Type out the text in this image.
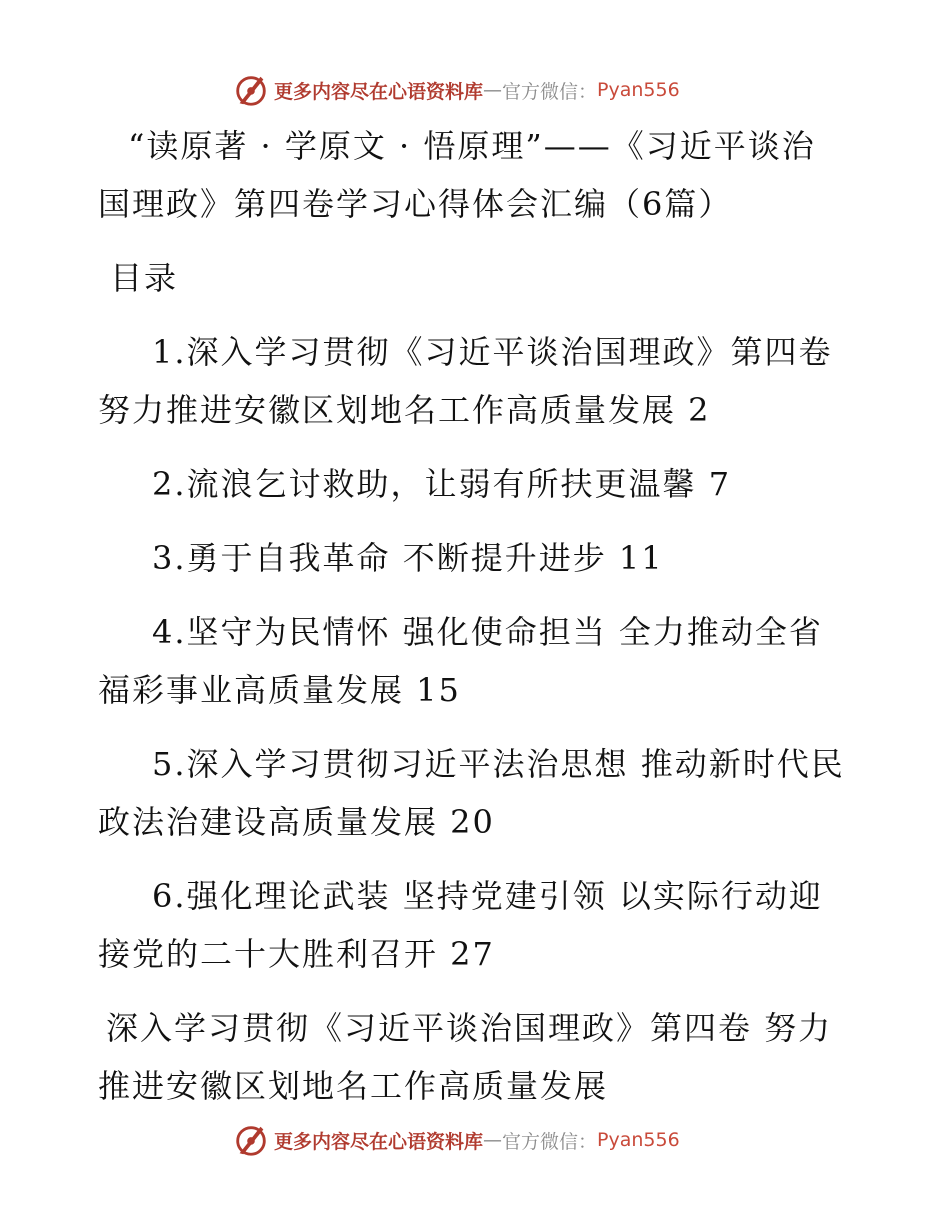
更多内容尽在心语资料库 — 官方微信： Pyan556

“读原著 · 学原文 · 悟原理”——《习近平谈治

国理政》第四卷学习心得体会汇编（6篇）

目录

1.深入学习贯彻《习近平谈治国理政》第四卷

努力推进安徽区划地名工作高质量发展 2

2.流浪乞讨救助，让弱有所扶更温馨 7

3.勇于自我革命 不断提升进步 11

4.坚守为民情怀 强化使命担当 全力推动全省

福彩事业高质量发展 15

5.深入学习贯彻习近平法治思想 推动新时代民

政法治建设高质量发展 20

6.强化理论武装 坚持党建引领 以实际行动迎

接党的二十大胜利召开 27

深入学习贯彻《习近平谈治国理政》第四卷 努力

推进安徽区划地名工作高质量发展

更多内容尽在心语资料库 — 官方微信： Pyan556
